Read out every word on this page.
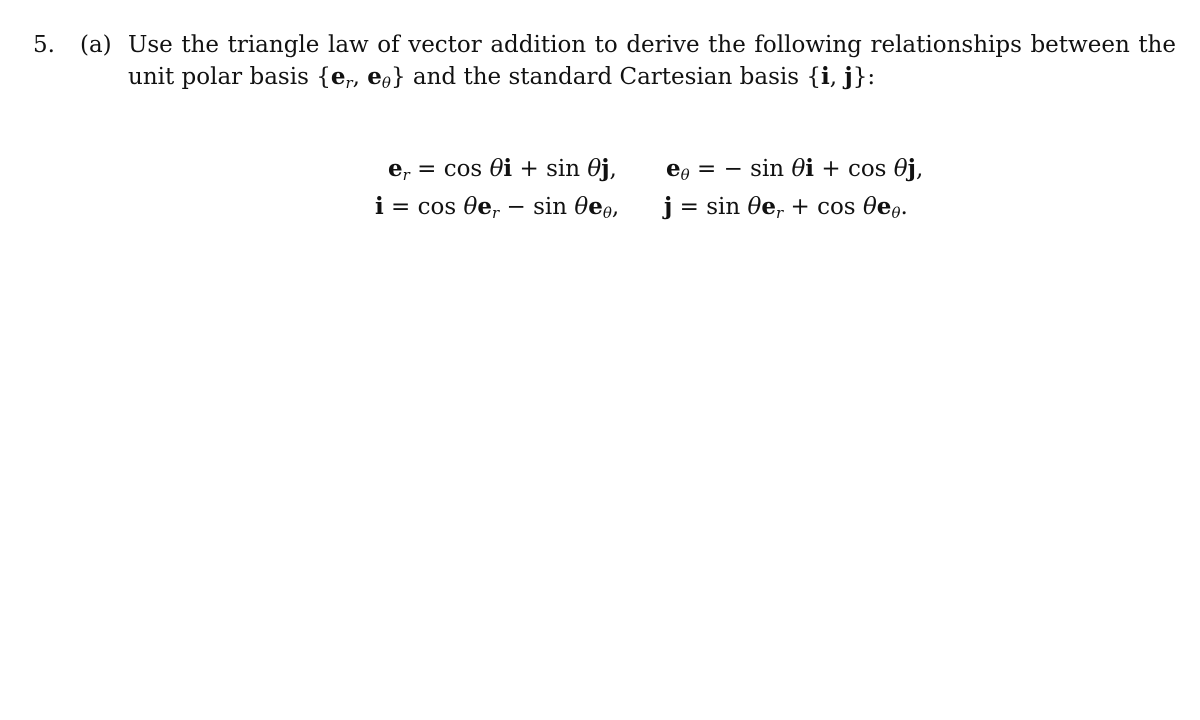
5. (a) Use the triangle law of vector addition to derive the following relationships between the
unit polar basis {$e_r$, $e_\theta$} and the standard Cartesian basis {i, j}:
$e_r = \cos \theta i + \sin \theta j$, $e_\theta$ = − sin θi + cos θj,
$i = \cos \theta e_r - \sin \theta e_\theta$, $j = \sin \theta e_r + \cos \theta e_\theta$.
